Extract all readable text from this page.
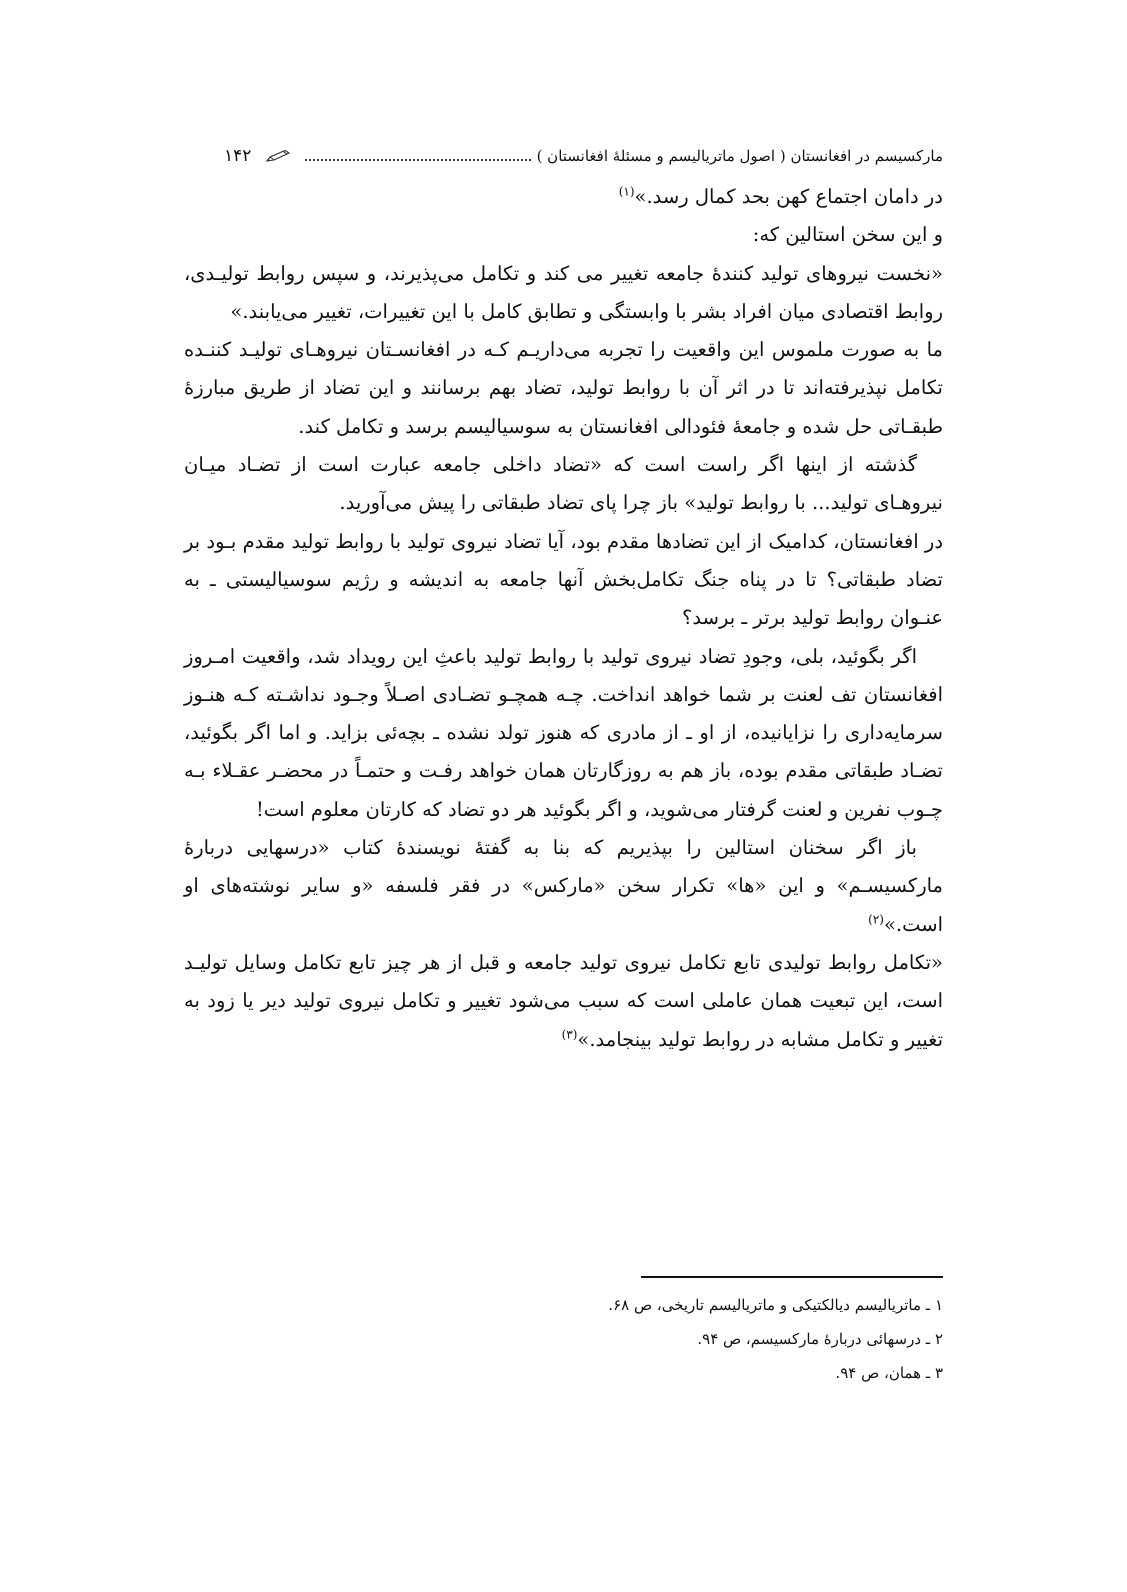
مارکسیسم در افغانستان ( اصول ماتریالیسم و مسئلهٔ افغانستان )
۱۴۲

در دامان اجتماع کهن بحد کمال رسد.»$^{(۱)}$

و این سخن استالین که:

«نخست نیروهای تولید کنندهٔ جامعه تغییر می کند و تکامل می‌پذیرند، و سپس روابط تولیـدی، روابط اقتصادی میان افراد بشر با وابستگی و تطابق کامل با این تغییرات، تغییر می‌یابند.»

ما به صورت ملموس این واقعیت را تجربه می‌داریـم کـه در افغانسـتان نیروهـای تولیـد کننـده تکامل نپذیرفته‌اند تا در اثر آن با روابط تولید، تضاد بهم برسانند و این تضاد از طریق مبارزهٔ طبقـاتی حل شده و جامعهٔ فئودالی افغانستان به سوسیالیسم برسد و تکامل کند.

گذشته از اینها اگر راست است که «تضاد داخلی جامعه عبارت است از تضـاد میـان نیروهـای تولید... با روابط تولید» باز چرا پای تضاد طبقاتی را پیش می‌آورید.

در افغانستان، کدامیک از این تضادها مقدم بود، آیا تضاد نیروی تولید با روابط تولید مقدم بـود بر تضاد طبقاتی؟ تا در پناه جنگ تکامل‌بخش آنها جامعه به اندیشه و رژیم سوسیالیستی ـ به عنـوان روابط تولید برتر ـ برسد؟

اگر بگوئید، بلی، وجودِ تضاد نیروی تولید با روابط تولید باعثِ این رویداد شد، واقعیت امـروز افغانستان تف لعنت بر شما خواهد انداخت. چـه همچـو تضـادی اصـلاً وجـود نداشـته کـه هنـوز سرمایه‌داری را نزایانیده، از او ـ از مادری که هنوز تولد نشده ـ بچه‌ئی بزاید. و اما اگر بگوئید، تضـاد طبقاتی مقدم بوده، باز هم به روزگارتان همان خواهد رفـت و حتمـاً در محضـر عقـلاء بـه چـوب نفرین و لعنت گرفتار می‌شوید، و اگر بگوئید هر دو تضاد که کارتان معلوم است!

باز اگر سخنان استالین را بپذیریم که بنا به گفتهٔ نویسندهٔ کتاب «درسهایی دربارهٔ مارکسیسـم» و این «ها» تکرار سخن «مارکس» در فقر فلسفه «و سایر نوشته‌های او است.»$^{(۲)}$

«تکامل روابط تولیدی تابع تکامل نیروی تولید جامعه و قبل از هر چیز تابع تکامل وسایل تولیـد است، این تبعیت همان عاملی است که سبب می‌شود تغییر و تکامل نیروی تولید دیر یا زود به تغییر و تکامل مشابه در روابط تولید بینجامد.»$^{(۳)}$

۱ ـ ماتریالیسم دیالکتیکی و ماتریالیسم تاریخی، ص ۶۸.

۲ ـ درسهائی دربارهٔ مارکسیسم، ص ۹۴.

۳ ـ همان، ص ۹۴.
